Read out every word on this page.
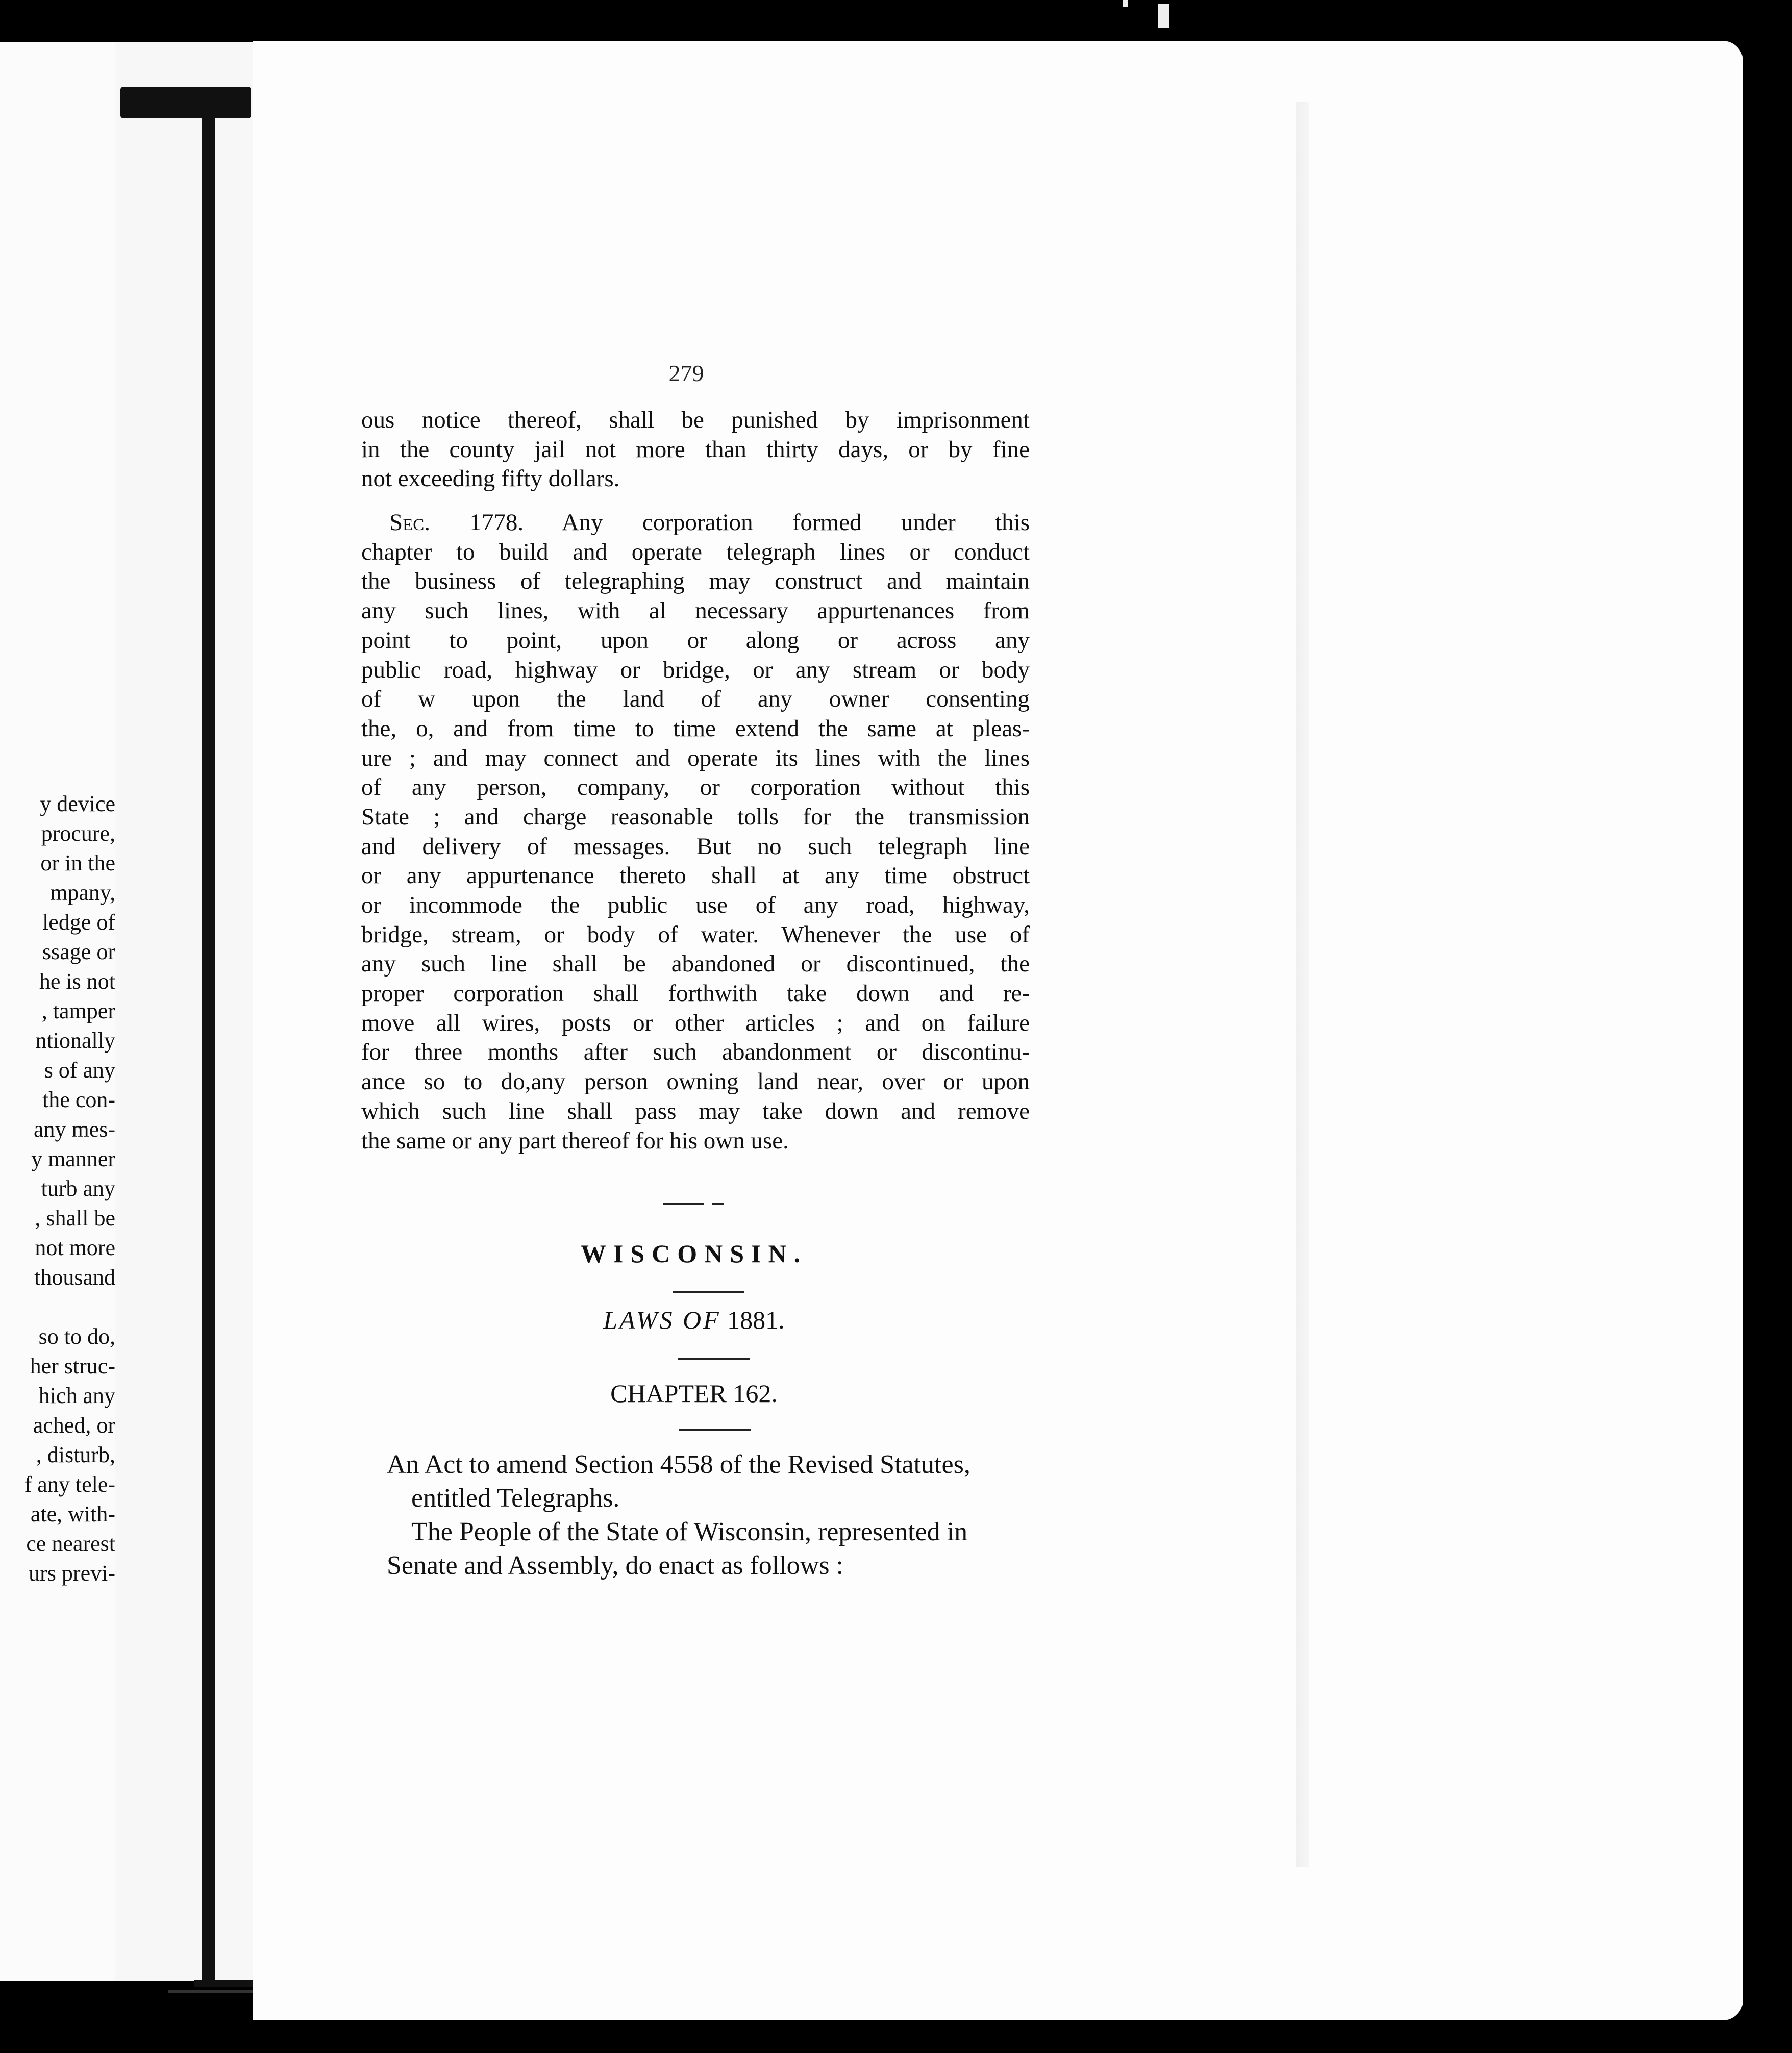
y device
procure,
or in the
mpany,
ledge of
ssage or
he is not
, tamper
ntionally
s of any
the con-
any mes-
y manner
turb any
, shall be
not more
thousand
so to do,
her struc-
hich any
ached, or
, disturb,
f any tele-
ate, with-
ce nearest
urs previ-
279
ous notice thereof, shall be punished by imprisonment
in the county jail not more than thirty days, or by fine
not exceeding fifty dollars.
Sec. 1778. Any corporation formed under this
chapter to build and operate telegraph lines or conduct
the business of telegraphing may construct and maintain
any such lines, with al necessary appurtenances from
point to point, upon or along or across any
public road, highway or bridge, or any stream or body
of w upon the land of any owner consenting
the, o, and from time to time extend the same at pleas-
ure ; and may connect and operate its lines with the lines
of any person, company, or corporation without this
State ; and charge reasonable tolls for the transmission
and delivery of messages. But no such telegraph line
or any appurtenance thereto shall at any time obstruct
or incommode the public use of any road, highway,
bridge, stream, or body of water. Whenever the use of
any such line shall be abandoned or discontinued, the
proper corporation shall forthwith take down and re-
move all wires, posts or other articles ; and on failure
for three months after such abandonment or discontinu-
ance so to do,any person owning land near, over or upon
which such line shall pass may take down and remove
the same or any part thereof for his own use.
WISCONSIN.
LAWS OF 1881.
CHAPTER 162.
An Act to amend Section 4558 of the Revised Statutes,
entitled Telegraphs.
The People of the State of Wisconsin, represented in
Senate and Assembly, do enact as follows :
